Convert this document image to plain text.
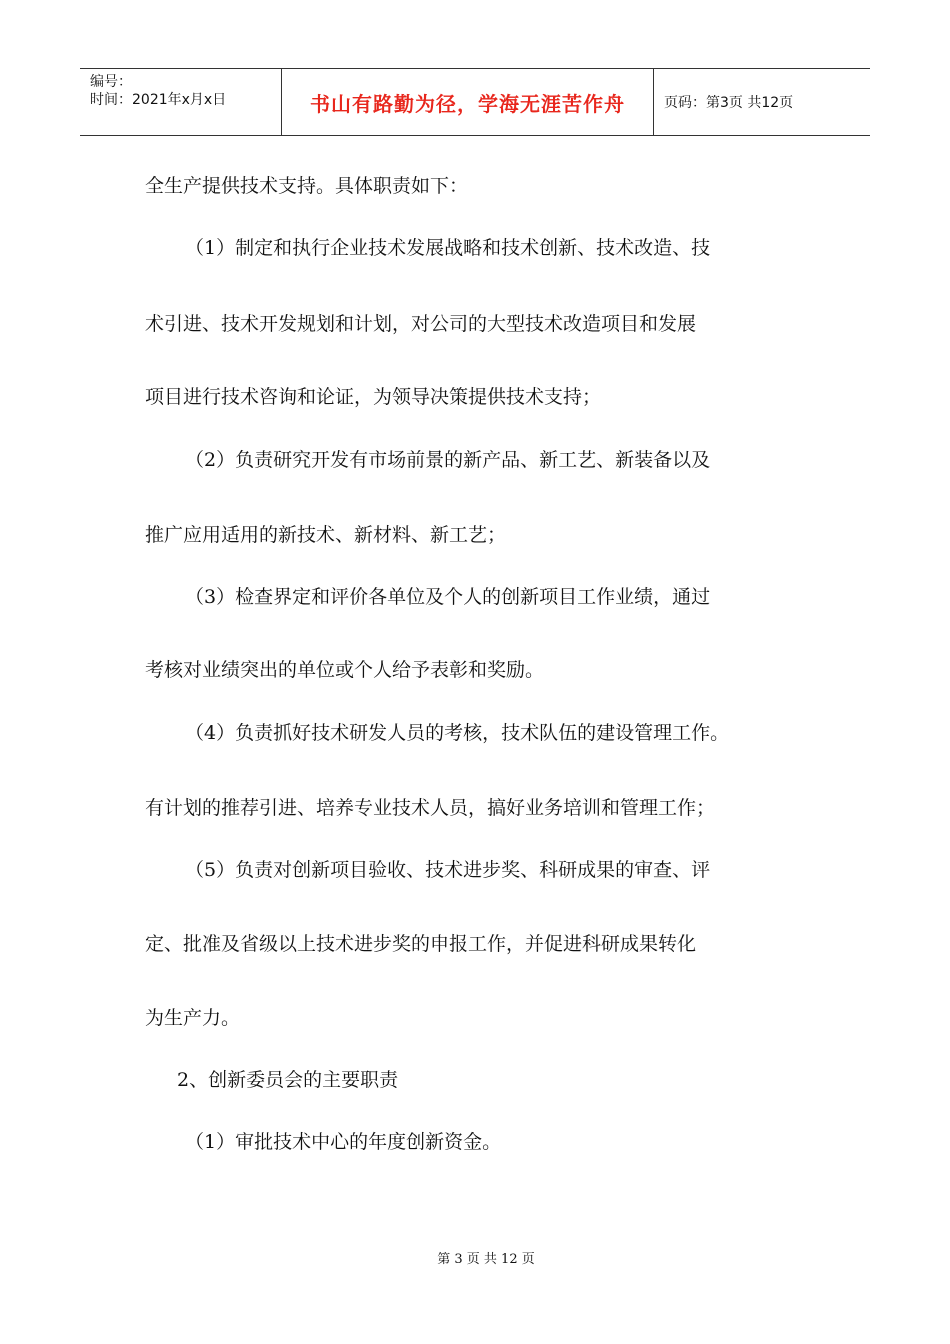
编号：
时间：2021年x月x日	书山有路勤为径，学海无涯苦作舟	页码：第3页 共12页

全生产提供技术支持。具体职责如下：

（1）制定和执行企业技术发展战略和技术创新、技术改造、技

术引进、技术开发规划和计划，对公司的大型技术改造项目和发展

项目进行技术咨询和论证，为领导决策提供技术支持；

（2）负责研究开发有市场前景的新产品、新工艺、新装备以及

推广应用适用的新技术、新材料、新工艺；

（3）检查界定和评价各单位及个人的创新项目工作业绩，通过

考核对业绩突出的单位或个人给予表彰和奖励。

（4）负责抓好技术研发人员的考核，技术队伍的建设管理工作。

有计划的推荐引进、培养专业技术人员，搞好业务培训和管理工作；

（5）负责对创新项目验收、技术进步奖、科研成果的审查、评

定、批准及省级以上技术进步奖的申报工作，并促进科研成果转化

为生产力。

2、创新委员会的主要职责

（1）审批技术中心的年度创新资金。

第 3 页 共 12 页
